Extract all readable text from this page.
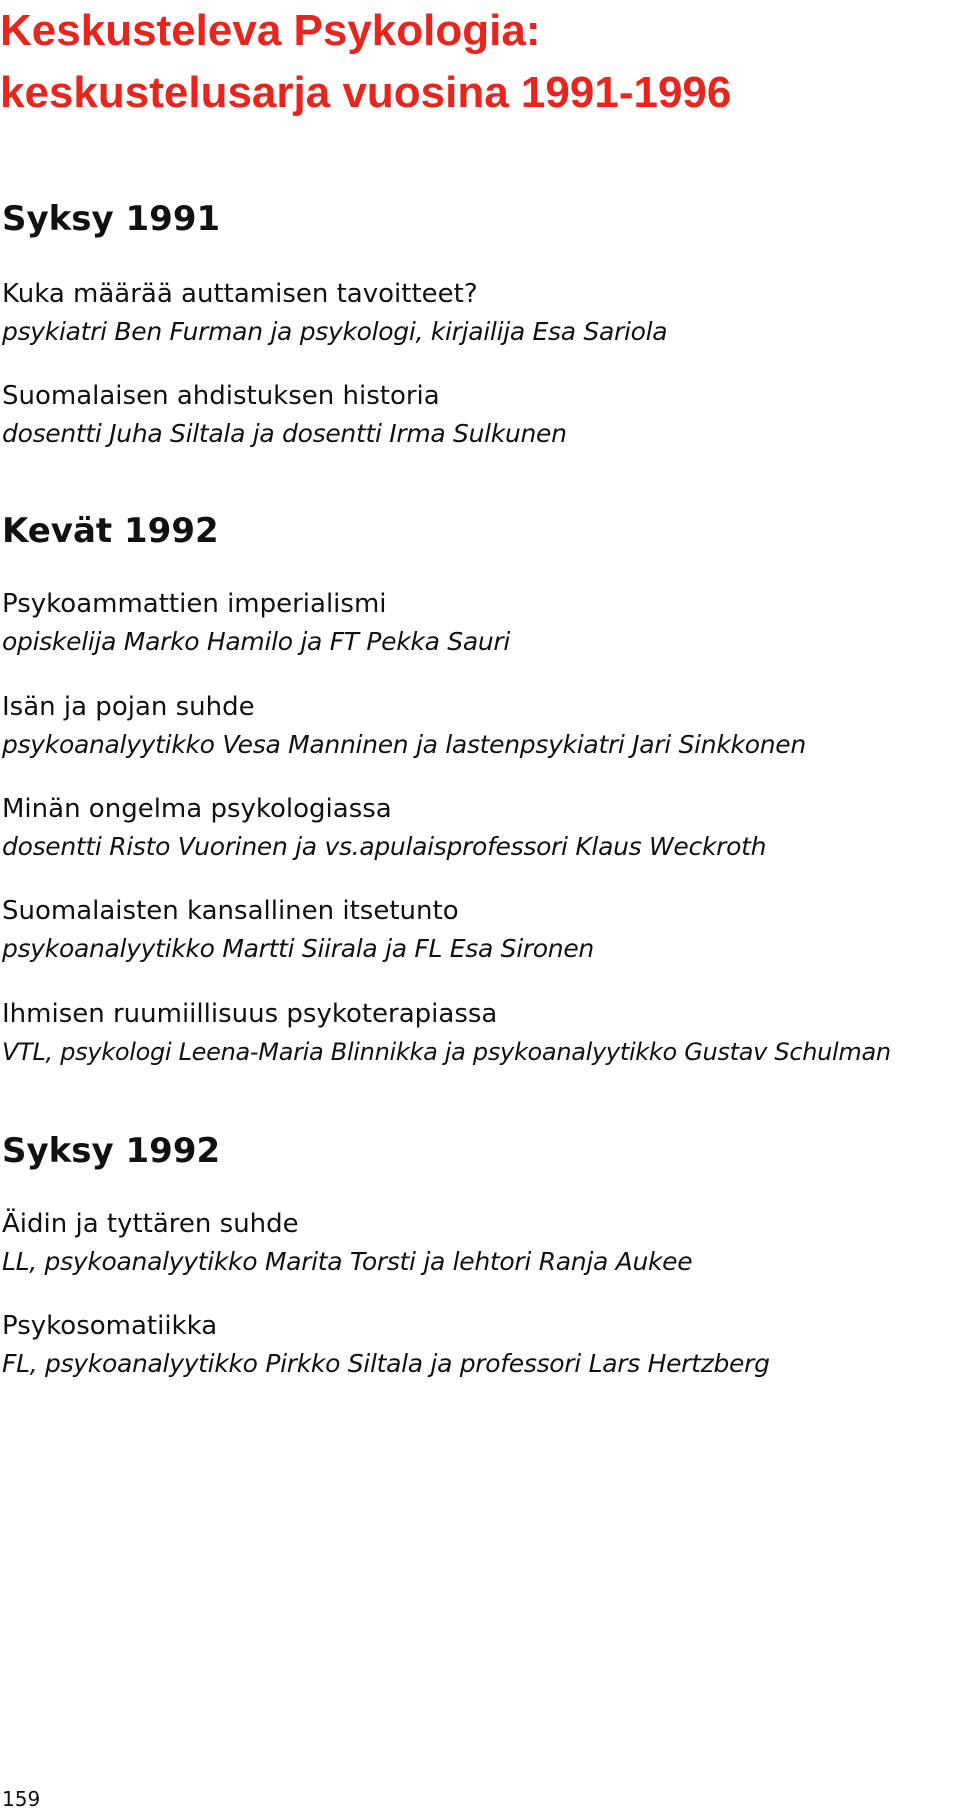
Keskusteleva Psykologia:
keskustelusarja vuosina 1991-1996
Syksy 1991
Kuka määrää auttamisen tavoitteet?
psykiatri Ben Furman ja psykologi, kirjailija Esa Sariola
Suomalaisen ahdistuksen historia
dosentti Juha Siltala ja dosentti Irma Sulkunen
Kevät 1992
Psykoammattien imperialismi
opiskelija Marko Hamilo ja FT Pekka Sauri
Isän ja pojan suhde
psykoanalyytikko Vesa Manninen ja lastenpsykiatri Jari Sinkkonen
Minän ongelma psykologiassa
dosentti Risto Vuorinen ja vs.apulaisprofessori Klaus Weckroth
Suomalaisten kansallinen itsetunto
psykoanalyytikko Martti Siirala ja FL Esa Sironen
Ihmisen ruumiillisuus psykoterapiassa
VTL, psykologi Leena-Maria Blinnikka ja psykoanalyytikko Gustav Schulman
Syksy 1992
Äidin ja tyttären suhde
LL, psykoanalyytikko Marita Torsti ja lehtori Ranja Aukee
Psykosomatiikka
FL, psykoanalyytikko Pirkko Siltala ja professori Lars Hertzberg
159
